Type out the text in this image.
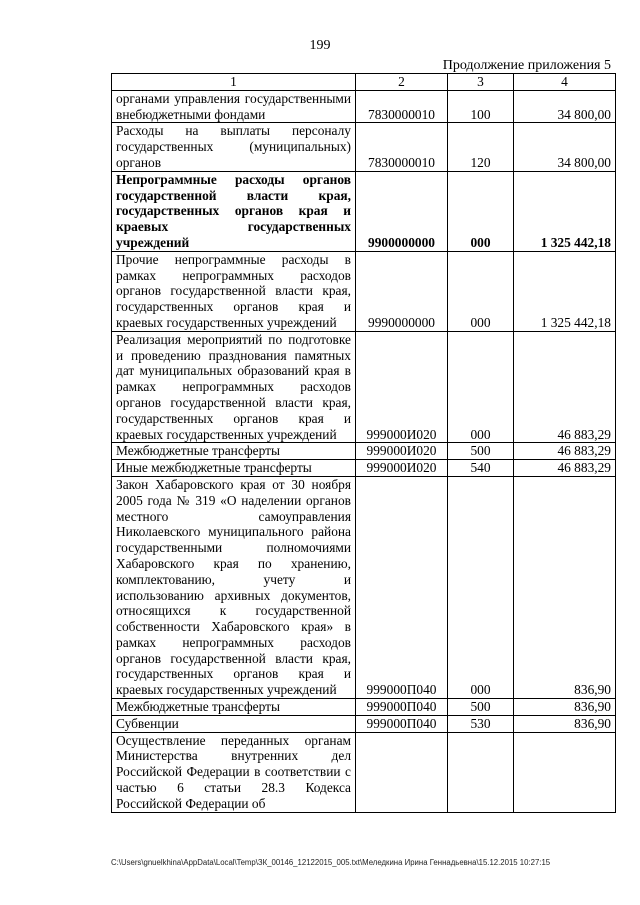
199
Продолжение приложения 5
1	2	3	4
органами управления государственными внебюджетными фондами	7830000010	100	34 800,00
Расходы на выплаты персоналу государственных (муниципальных) органов	7830000010	120	34 800,00
Непрограммные расходы органов государственной власти края, государственных органов края и краевых государственных учреждений	9900000000	000	1 325 442,18
Прочие непрограммные расходы в рамках непрограммных расходов органов государственной власти края, государственных органов края и краевых государственных учреждений	9990000000	000	1 325 442,18
Реализация мероприятий по подготовке и проведению празднования памятных дат муниципальных образований края в рамках непрограммных расходов органов государственной власти края, государственных органов края и краевых государственных учреждений	999000И020	000	46 883,29
Межбюджетные трансферты	999000И020	500	46 883,29
Иные межбюджетные трансферты	999000И020	540	46 883,29
Закон Хабаровского края от 30 ноября 2005 года № 319 «О наделении органов местного самоуправления Николаевского муниципального района государственными полномочиями Хабаровского края по хранению, комплектованию, учету и использованию архивных документов, относящихся к государственной собственности Хабаровского края» в рамках непрограммных расходов органов государственной власти края, государственных органов края и краевых государственных учреждений	999000П040	000	836,90
Межбюджетные трансферты	999000П040	500	836,90
Субвенции	999000П040	530	836,90
Осуществление переданных органам Министерства внутренних дел Российской Федерации в соответствии с частью 6 статьи 28.3 Кодекса Российской Федерации об			
C:\Users\gnuelkhina\AppData\Local\Temp\ЗК_00146_12122015_005.txt\Меледкина Ирина Геннадьевна\15.12.2015 10:27:15
